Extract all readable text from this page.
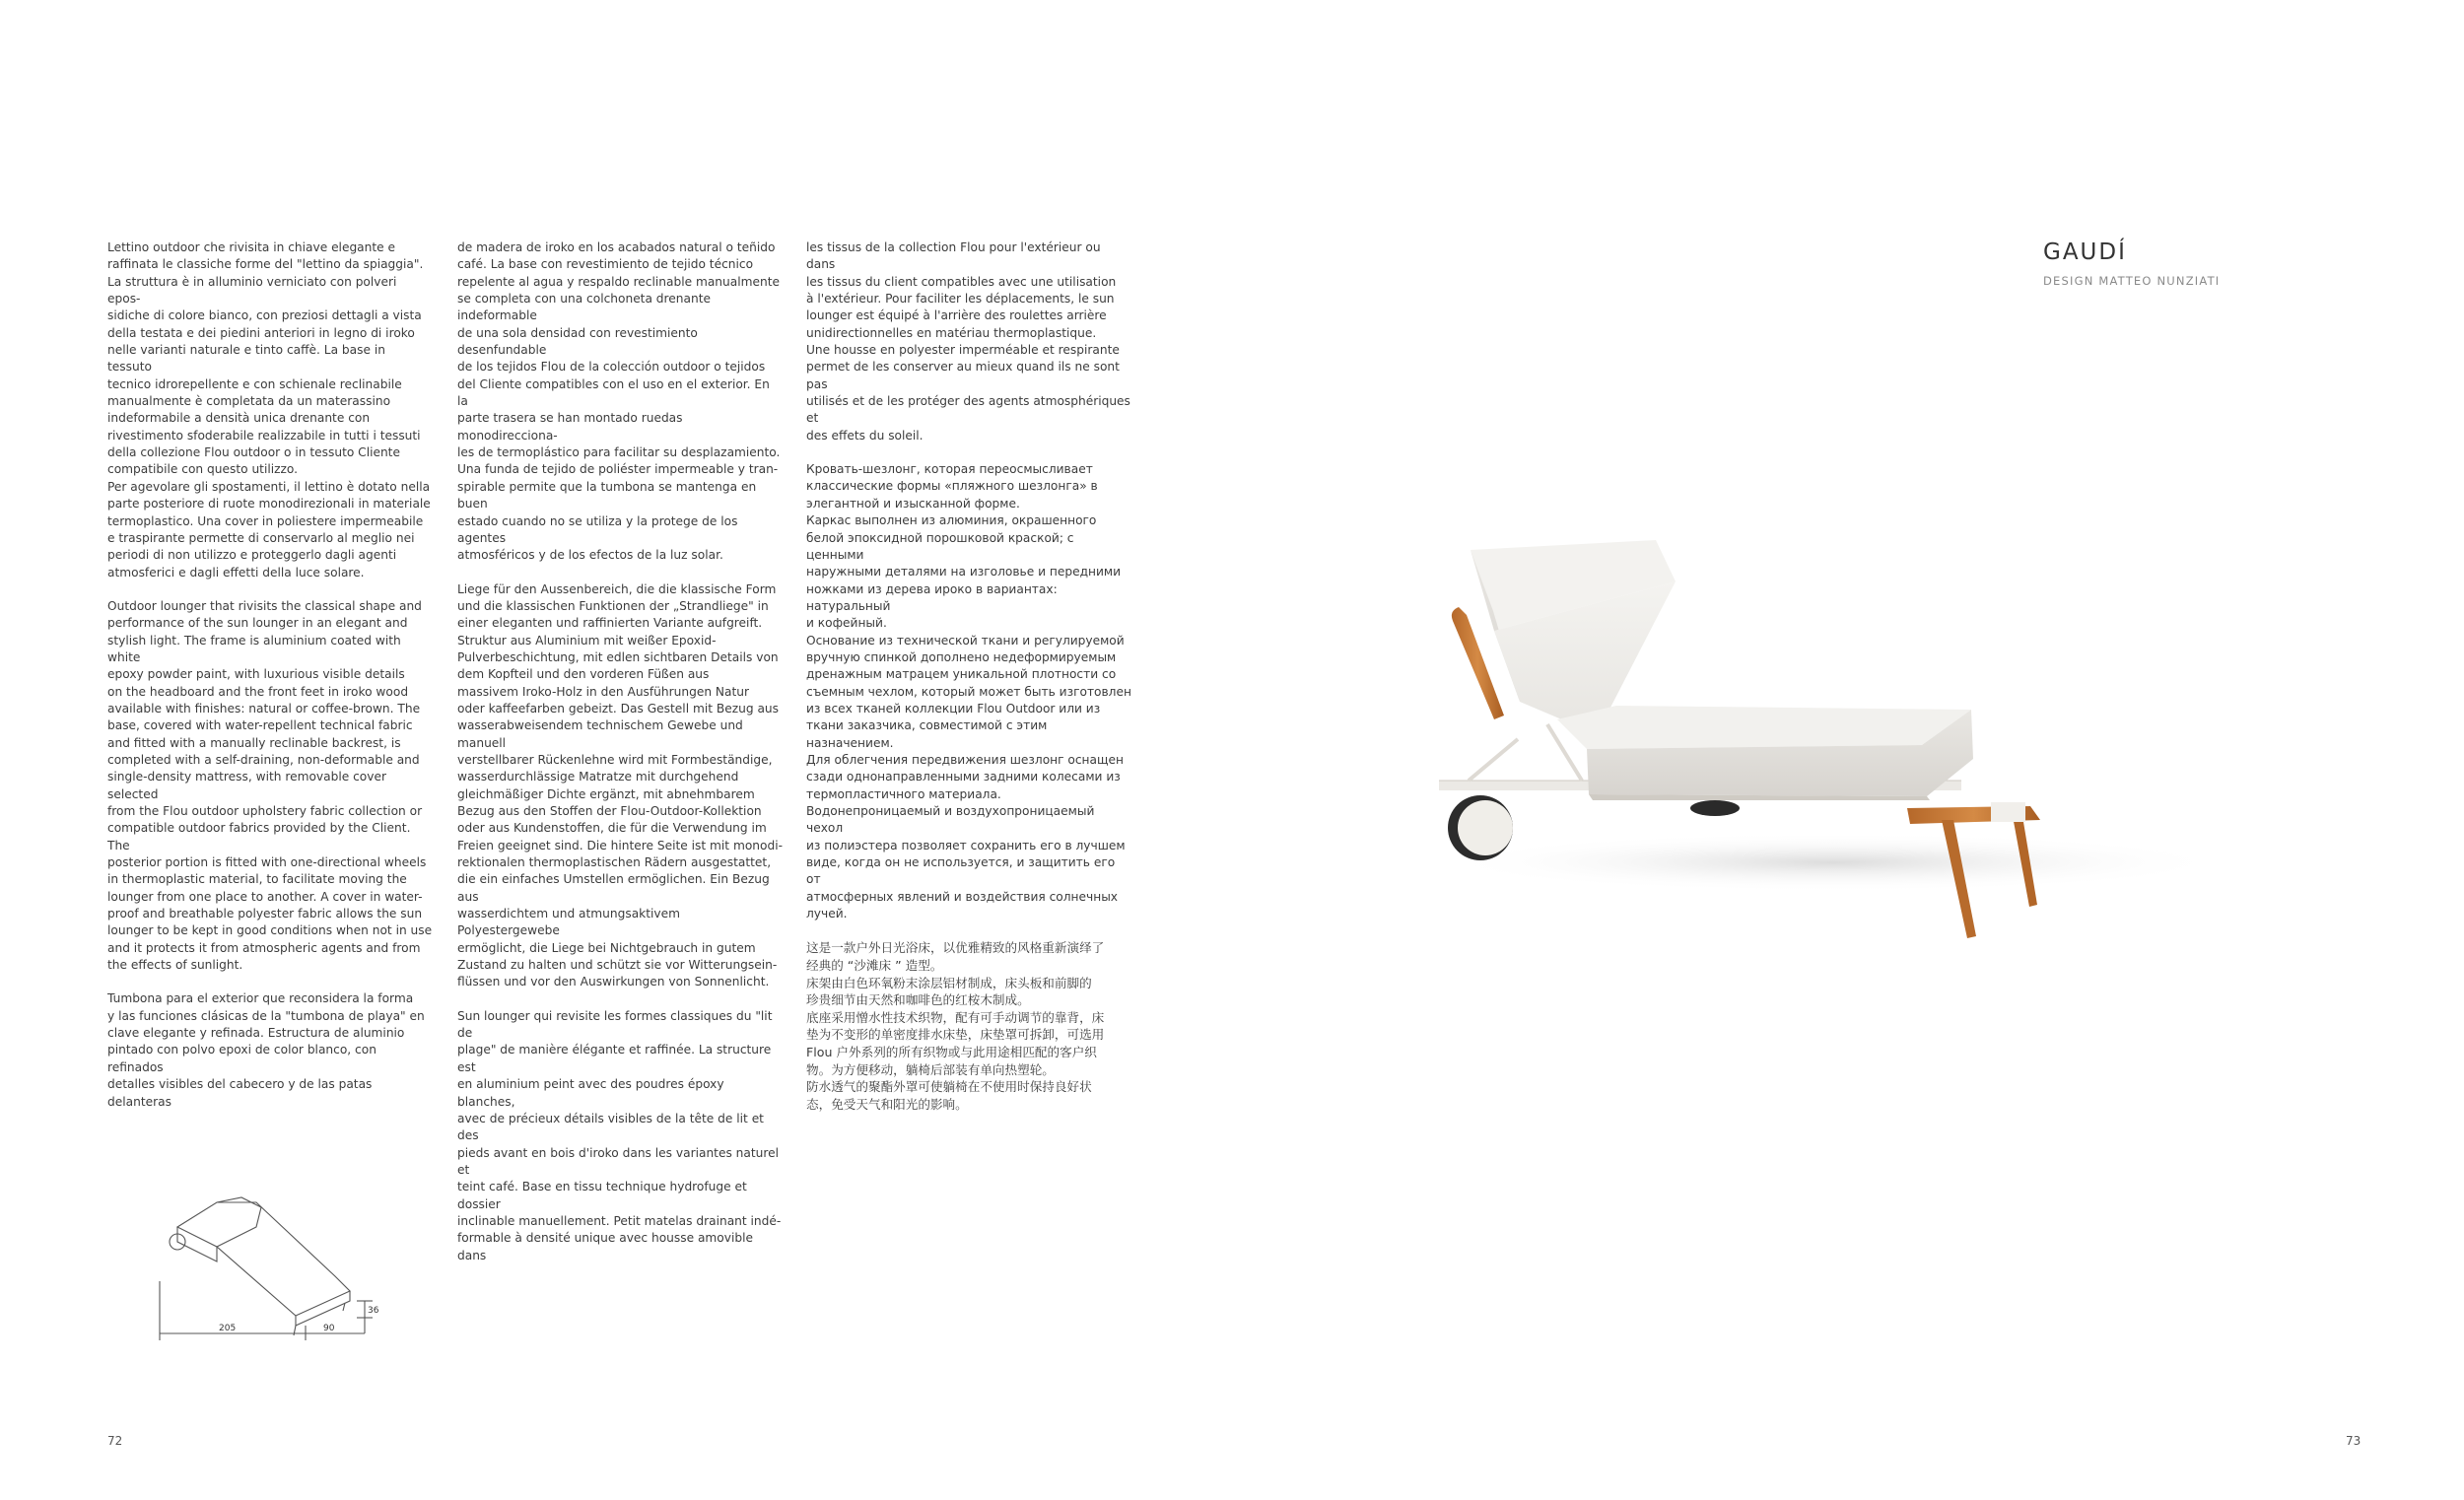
Lettino outdoor che rivisita in chiave elegante e
raffinata le classiche forme del "lettino da spiaggia".
La struttura è in alluminio verniciato con polveri epos-
sidiche di colore bianco, con preziosi dettagli a vista
della testata e dei piedini anteriori in legno di iroko
nelle varianti naturale e tinto caffè. La base in tessuto
tecnico idrorepellente e con schienale reclinabile
manualmente è completata da un materassino
indeformabile a densità unica drenante con
rivestimento sfoderabile realizzabile in tutti i tessuti
della collezione Flou outdoor o in tessuto Cliente
compatibile con questo utilizzo.
Per agevolare gli spostamenti, il lettino è dotato nella
parte posteriore di ruote monodirezionali in materiale
termoplastico. Una cover in poliestere impermeabile
e traspirante permette di conservarlo al meglio nei
periodi di non utilizzo e proteggerlo dagli agenti
atmosferici e dagli effetti della luce solare.

Outdoor lounger that rivisits the classical shape and
performance of the sun lounger in an elegant and
stylish light. The frame is aluminium coated with white
epoxy powder paint, with luxurious visible details
on the headboard and the front feet in iroko wood
available with finishes: natural or coffee-brown. The
base, covered with water-repellent technical fabric
and fitted with a manually reclinable backrest, is
completed with a self-draining, non-deformable and
single-density mattress, with removable cover selected
from the Flou outdoor upholstery fabric collection or
compatible outdoor fabrics provided by the Client. The
posterior portion is fitted with one-directional wheels
in thermoplastic material, to facilitate moving the
lounger from one place to another. A cover in water-
proof and breathable polyester fabric allows the sun
lounger to be kept in good conditions when not in use
and it protects it from atmospheric agents and from
the effects of sunlight.

Tumbona para el exterior que reconsidera la forma
y las funciones clásicas de la "tumbona de playa" en
clave elegante y refinada. Estructura de aluminio
pintado con polvo epoxi de color blanco, con refinados
detalles visibles del cabecero y de las patas delanteras

de madera de iroko en los acabados natural o teñido
café. La base con revestimiento de tejido técnico
repelente al agua y respaldo reclinable manualmente
se completa con una colchoneta drenante indeformable
de una sola densidad con revestimiento desenfundable
de los tejidos Flou de la colección outdoor o tejidos
del Cliente compatibles con el uso en el exterior. En la
parte trasera se han montado ruedas monodirecciona-
les de termoplástico para facilitar su desplazamiento.
Una funda de tejido de poliéster impermeable y tran-
spirable permite que la tumbona se mantenga en buen
estado cuando no se utiliza y la protege de los agentes
atmosféricos y de los efectos de la luz solar.

Liege für den Aussenbereich, die die klassische Form
und die klassischen Funktionen der „Strandliege" in
einer eleganten und raffinierten Variante aufgreift.
Struktur aus Aluminium mit weißer Epoxid-
Pulverbeschichtung, mit edlen sichtbaren Details von
dem Kopfteil und den vorderen Füßen aus
massivem Iroko-Holz in den Ausführungen Natur
oder kaffeefarben gebeizt. Das Gestell mit Bezug aus
wasserabweisendem technischem Gewebe und manuell
verstellbarer Rückenlehne wird mit Formbeständige,
wasserdurchlässige Matratze mit durchgehend
gleichmäßiger Dichte ergänzt, mit abnehmbarem
Bezug aus den Stoffen der Flou-Outdoor-Kollektion
oder aus Kundenstoffen, die für die Verwendung im
Freien geeignet sind. Die hintere Seite ist mit monodi-
rektionalen thermoplastischen Rädern ausgestattet,
die ein einfaches Umstellen ermöglichen. Ein Bezug aus
wasserdichtem und atmungsaktivem Polyestergewebe
ermöglicht, die Liege bei Nichtgebrauch in gutem
Zustand zu halten und schützt sie vor Witterungsein-
flüssen und vor den Auswirkungen von Sonnenlicht.

Sun lounger qui revisite les formes classiques du "lit de
plage" de manière élégante et raffinée. La structure est
en aluminium peint avec des poudres époxy blanches,
avec de précieux détails visibles de la tête de lit et des
pieds avant en bois d'iroko dans les variantes naturel et
teint café. Base en tissu technique hydrofuge et dossier
inclinable manuellement. Petit matelas drainant indé-
formable à densité unique avec housse amovible dans

les tissus de la collection Flou pour l'extérieur ou dans
les tissus du client compatibles avec une utilisation
à l'extérieur. Pour faciliter les déplacements, le sun
lounger est équipé à l'arrière des roulettes arrière
unidirectionnelles en matériau thermoplastique.
Une housse en polyester imperméable et respirante
permet de les conserver au mieux quand ils ne sont pas
utilisés et de les protéger des agents atmosphériques et
des effets du soleil.

Кровать-шезлонг, которая переосмысливает
классические формы «пляжного шезлонга» в
элегантной и изысканной форме.
Каркас выполнен из алюминия, окрашенного
белой эпоксидной порошковой краской; с ценными
наружными деталями на изголовье и передними
ножками из дерева ироко в вариантах: натуральный
и кофейный.
Основание из технической ткани и регулируемой
вручную спинкой дополнено недеформируемым
дренажным матрацем уникальной плотности со
съемным чехлом, который может быть изготовлен
из всех тканей коллекции Flou Outdoor или из
ткани заказчика, совместимой с этим назначением.
Для облегчения передвижения шезлонг оснащен
сзади однонаправленными задними колесами из
термопластичного материала.
Водонепроницаемый и воздухопроницаемый чехол
из полиэстера позволяет сохранить его в лучшем
виде, когда он не используется, и защитить его от
атмосферных явлений и воздействия солнечных
лучей.

这是一款户外日光浴床，以优雅精致的风格重新演绎了
经典的 “沙滩床 ” 造型。
床架由白色环氧粉末涂层铝材制成，床头板和前脚的
珍贵细节由天然和咖啡色的红桉木制成。
底座采用憎水性技术织物，配有可手动调节的靠背，床
垫为不变形的单密度排水床垫，床垫罩可拆卸，可选用
Flou 户外系列的所有织物或与此用途相匹配的客户织
物。为方便移动，躺椅后部装有单向热塑轮。
防水透气的聚酯外罩可使躺椅在不使用时保持良好状
态，免受天气和阳光的影响。

GAUDÍ
DESIGN MATTEO NUNZIATI
205	90
36
72	73
